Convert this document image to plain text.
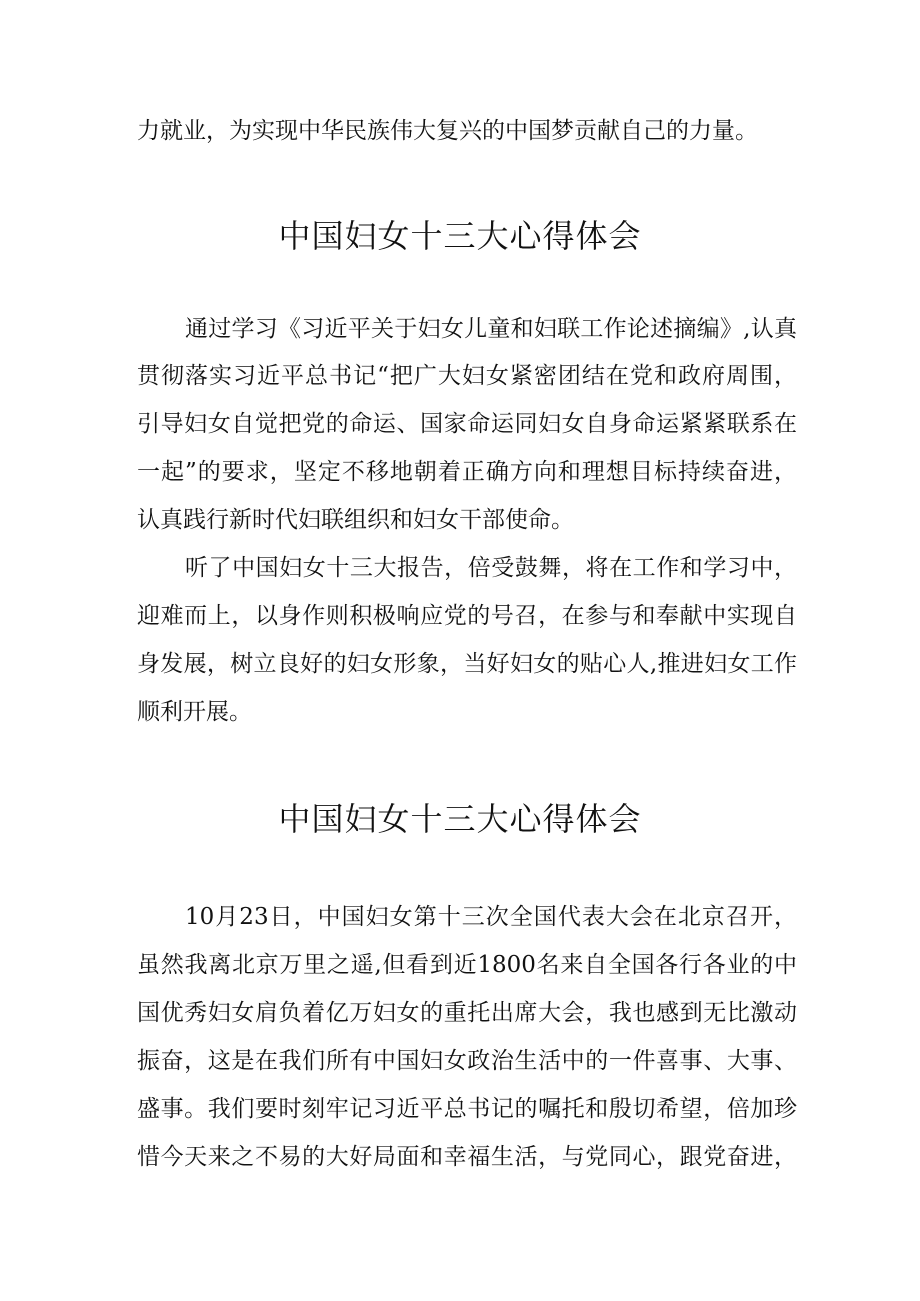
力就业，为实现中华民族伟大复兴的中国梦贡献自己的力量。
中国妇女十三大心得体会
通过学习《习近平关于妇女儿童和妇联工作论述摘编》,认真
贯彻落实习近平总书记“把广大妇女紧密团结在党和政府周围，
引导妇女自觉把党的命运、国家命运同妇女自身命运紧紧联系在
一起”的要求，坚定不移地朝着正确方向和理想目标持续奋进，
认真践行新时代妇联组织和妇女干部使命。
听了中国妇女十三大报告，倍受鼓舞，将在工作和学习中，
迎难而上，以身作则积极响应党的号召，在参与和奉献中实现自
身发展，树立良好的妇女形象，当好妇女的贴心人,推进妇女工作
顺利开展。
中国妇女十三大心得体会
10月23日，中国妇女第十三次全国代表大会在北京召开，
虽然我离北京万里之遥,但看到近1800名来自全国各行各业的中
国优秀妇女肩负着亿万妇女的重托出席大会，我也感到无比激动
振奋，这是在我们所有中国妇女政治生活中的一件喜事、大事、
盛事。我们要时刻牢记习近平总书记的嘱托和殷切希望，倍加珍
惜今天来之不易的大好局面和幸福生活，与党同心，跟党奋进，
